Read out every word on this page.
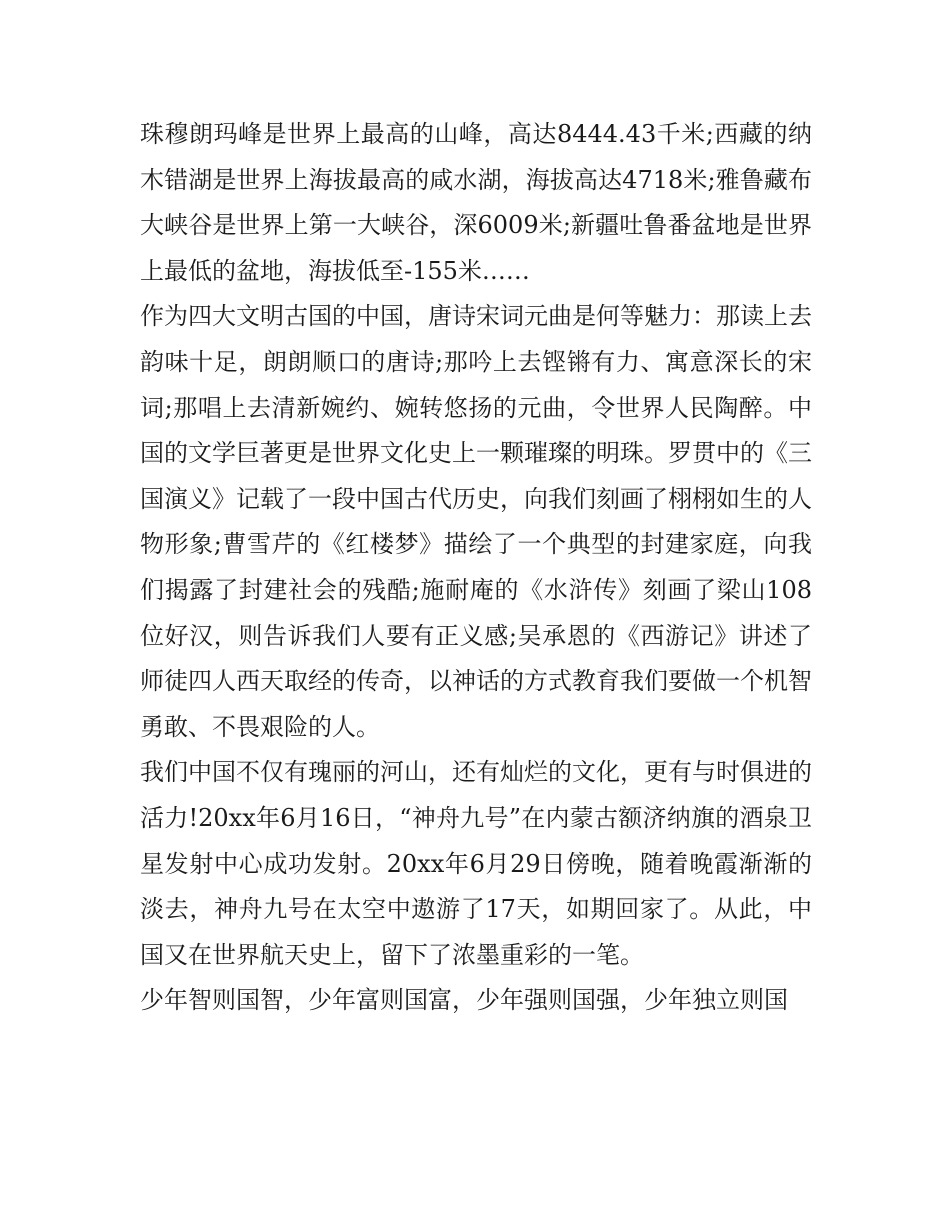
珠穆朗玛峰是世界上最高的山峰，高达8444.43千米;西藏的纳木错湖是世界上海拔最高的咸水湖，海拔高达4718米;雅鲁藏布大峡谷是世界上第一大峡谷，深6009米;新疆吐鲁番盆地是世界上最低的盆地，海拔低至-155米……

作为四大文明古国的中国，唐诗宋词元曲是何等魅力：那读上去韵味十足，朗朗顺口的唐诗;那吟上去铿锵有力、寓意深长的宋词;那唱上去清新婉约、婉转悠扬的元曲，令世界人民陶醉。中国的文学巨著更是世界文化史上一颗璀璨的明珠。罗贯中的《三国演义》记载了一段中国古代历史，向我们刻画了栩栩如生的人物形象;曹雪芹的《红楼梦》描绘了一个典型的封建家庭，向我们揭露了封建社会的残酷;施耐庵的《水浒传》刻画了梁山108位好汉，则告诉我们人要有正义感;吴承恩的《西游记》讲述了师徒四人西天取经的传奇，以神话的方式教育我们要做一个机智勇敢、不畏艰险的人。

我们中国不仅有瑰丽的河山，还有灿烂的文化，更有与时俱进的活力!20xx年6月16日，“神舟九号”在内蒙古额济纳旗的酒泉卫星发射中心成功发射。20xx年6月29日傍晚，随着晚霞渐渐的淡去，神舟九号在太空中遨游了17天，如期回家了。从此，中国又在世界航天史上，留下了浓墨重彩的一笔。

少年智则国智，少年富则国富，少年强则国强，少年独立则国
